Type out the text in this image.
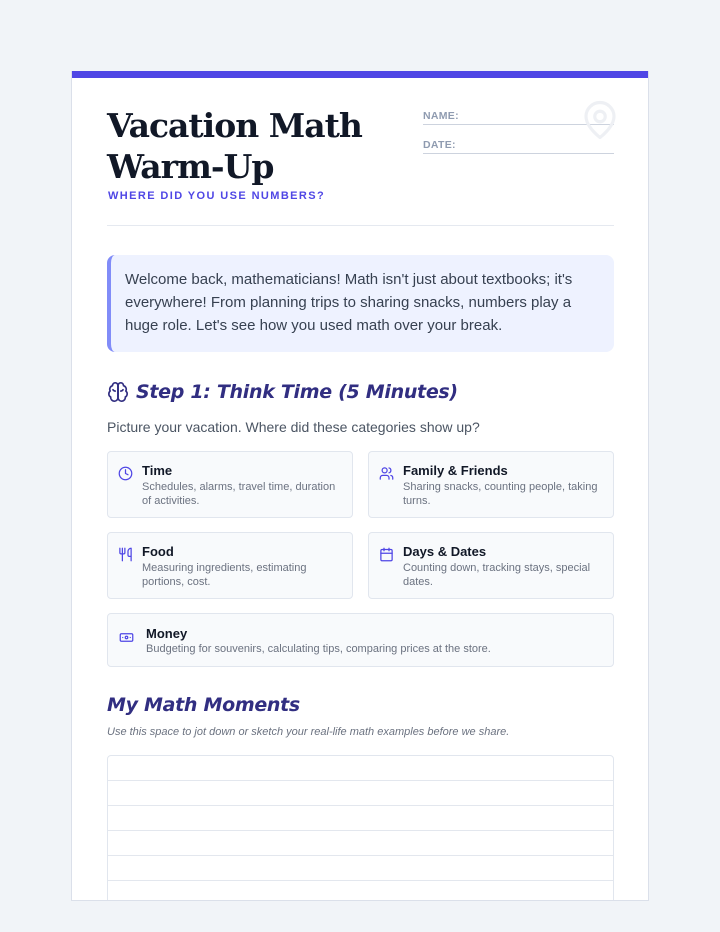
Vacation Math
Warm-Up
WHERE DID YOU USE NUMBERS?
NAME:
DATE:
Welcome back, mathematicians! Math isn't just about textbooks; it's everywhere! From planning trips to sharing snacks, numbers play a huge role. Let's see how you used math over your break.
Step 1: Think Time (5 Minutes)
Picture your vacation. Where did these categories show up?
Time
Schedules, alarms, travel time, duration of activities.
Family & Friends
Sharing snacks, counting people, taking turns.
Food
Measuring ingredients, estimating portions, cost.
Days & Dates
Counting down, tracking stays, special dates.
Money
Budgeting for souvenirs, calculating tips, comparing prices at the store.
My Math Moments
Use this space to jot down or sketch your real-life math examples before we share.
